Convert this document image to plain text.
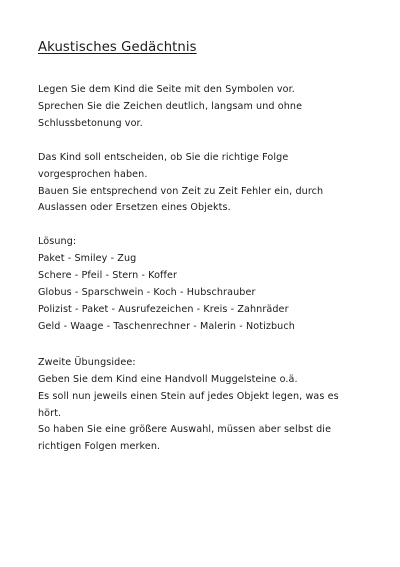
Akustisches Gedächtnis
Legen Sie dem Kind die Seite mit den Symbolen vor.
Sprechen Sie die Zeichen deutlich, langsam und ohne
Schlussbetonung vor.
Das Kind soll entscheiden, ob Sie die richtige Folge
vorgesprochen haben.
Bauen Sie entsprechend von Zeit zu Zeit Fehler ein, durch
Auslassen oder Ersetzen eines Objekts.
Lösung:
Paket - Smiley - Zug
Schere - Pfeil - Stern - Koffer
Globus - Sparschwein - Koch - Hubschrauber
Polizist - Paket - Ausrufezeichen - Kreis - Zahnräder
Geld - Waage - Taschenrechner - Malerin - Notizbuch
Zweite Übungsidee:
Geben Sie dem Kind eine Handvoll Muggelsteine o.ä.
Es soll nun jeweils einen Stein auf jedes Objekt legen, was es
hört.
So haben Sie eine größere Auswahl, müssen aber selbst die
richtigen Folgen merken.
